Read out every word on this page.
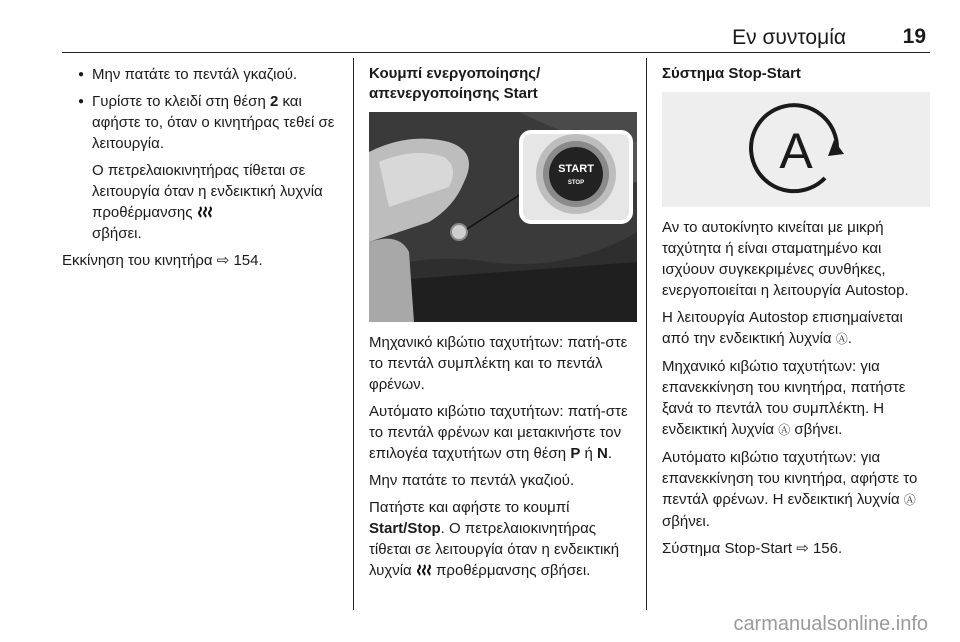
Εν συντομία	19
● Μην πατάτε το πεντάλ γκαζιού.
● Γυρίστε το κλειδί στη θέση 2 και αφήστε το, όταν ο κινητήρας τεθεί σε λειτουργία.

Ο πετρελαιοκινητήρας τίθεται σε λειτουργία όταν η ενδεικτική λυχνία προθέρμανσης
σβήσει.

Εκκίνηση του κινητήρα ⇨ 154.

Κουμπί ενεργοποίησης/ απενεργοποίησης Start
START
STOP

Μηχανικό κιβώτιο ταχυτήτων: πατή-στε το πεντάλ συμπλέκτη και το πεντάλ φρένων.

Αυτόματο κιβώτιο ταχυτήτων: πατή-στε το πεντάλ φρένων και μετακινήστε τον επιλογέα ταχυτήτων στη θέση P ή N.

Μην πατάτε το πεντάλ γκαζιού.

Πατήστε και αφήστε το κουμπί Start/Stop. Ο πετρελαιοκινητήρας τίθεται σε λειτουργία όταν η ενδεικτική λυχνία  προθέρμανσης σβήσει.

Σύστημα Stop-Start
A

Αν το αυτοκίνητο κινείται με μικρή ταχύτητα ή είναι σταματημένο και ισχύουν συγκεκριμένες συνθήκες, ενεργοποιείται η λειτουργία Autostop.

Η λειτουργία Autostop επισημαίνεται από την ενδεικτική λυχνία Ⓐ.

Μηχανικό κιβώτιο ταχυτήτων: για επανεκκίνηση του κινητήρα, πατήστε ξανά το πεντάλ του συμπλέκτη. Η ενδεικτική λυχνία Ⓐ σβήνει.

Αυτόματο κιβώτιο ταχυτήτων: για επανεκκίνηση του κινητήρα, αφήστε το πεντάλ φρένων. Η ενδεικτική λυχνία Ⓐ σβήνει.

Σύστημα Stop-Start ⇨ 156.

carmanualsonline.info
